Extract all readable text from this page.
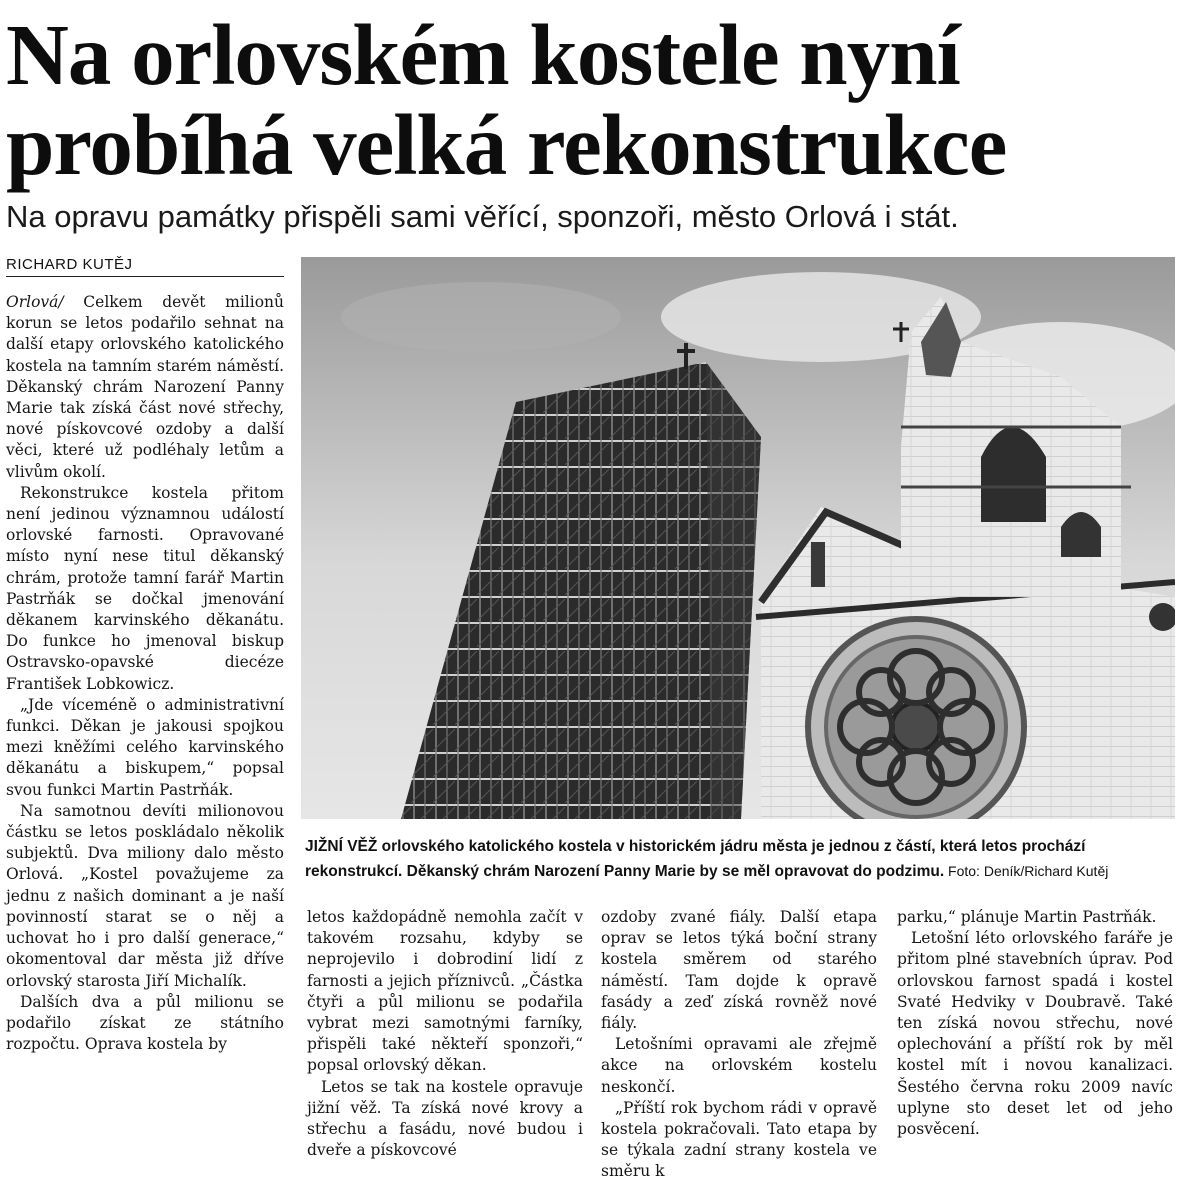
Na orlovském kostele nyní
probíhá velká rekonstrukce
Na opravu památky přispěli sami věřící, sponzoři, město Orlová i stát.
RICHARD KUTĚJ

Orlová/ Celkem devět milionů korun se letos podařilo sehnat na další etapy orlovského katolického kostela na tamním starém náměstí. Děkanský chrám Narození Panny Marie tak získá část nové střechy, nové pískovcové ozdoby a další věci, které už podléhaly letům a vlivům okolí.

Rekonstrukce kostela přitom není jedinou významnou událostí orlovské farnosti. Opravované místo nyní nese titul děkanský chrám, protože tamní farář Martin Pastrňák se dočkal jmenování děkanem karvinského děkanátu. Do funkce ho jmenoval biskup Ostravsko-opavské diecéze František Lobkowicz.

„Jde víceméně o administrativní funkci. Děkan je jakousi spojkou mezi kněžími celého karvinského děkanátu a biskupem,“ popsal svou funkci Martin Pastrňák.

Na samotnou devíti milionovou částku se letos poskládalo několik subjektů. Dva miliony dalo město Orlová. „Kostel považujeme za jednu z našich dominant a je naší povinností starat se o něj a uchovat ho i pro další generace,“ okomentoval dar města již dříve orlovský starosta Jiří Michalík.

Dalších dva a půl milionu se podařilo získat ze státního rozpočtu. Oprava kostela by

JIŽNÍ VĚŽ orlovského katolického kostela v historickém jádru města je jednou z částí, která letos prochází rekonstrukcí. Děkanský chrám Narození Panny Marie by se měl opravovat do podzimu. Foto: Deník/Richard Kutěj

letos každopádně nemohla začít v takovém rozsahu, kdyby se neprojevilo i dobrodiní lidí z farnosti a jejich příznivců. „Částka čtyři a půl milionu se podařila vybrat mezi samotnými farníky, přispěli také někteří sponzoři,“ popsal orlovský děkan.

Letos se tak na kostele opravuje jižní věž. Ta získá nové krovy a střechu a fasádu, nové budou i dveře a pískovcové

ozdoby zvané fiály. Další etapa oprav se letos týká boční strany kostela směrem od starého náměstí. Tam dojde k opravě fasády a zeď získá rovněž nové fiály.

Letošními opravami ale zřejmě akce na orlovském kostelu neskončí.

„Příští rok bychom rádi v opravě kostela pokračovali. Tato etapa by se týkala zadní strany kostela ve směru k

parku,“ plánuje Martin Pastrňák.

Letošní léto orlovského faráře je přitom plné stavebních úprav. Pod orlovskou farnost spadá i kostel Svaté Hedviky v Doubravě. Také ten získá novou střechu, nové oplechování a příští rok by měl kostel mít i novou kanalizaci. Šestého června roku 2009 navíc uplyne sto deset let od jeho posvěcení.
